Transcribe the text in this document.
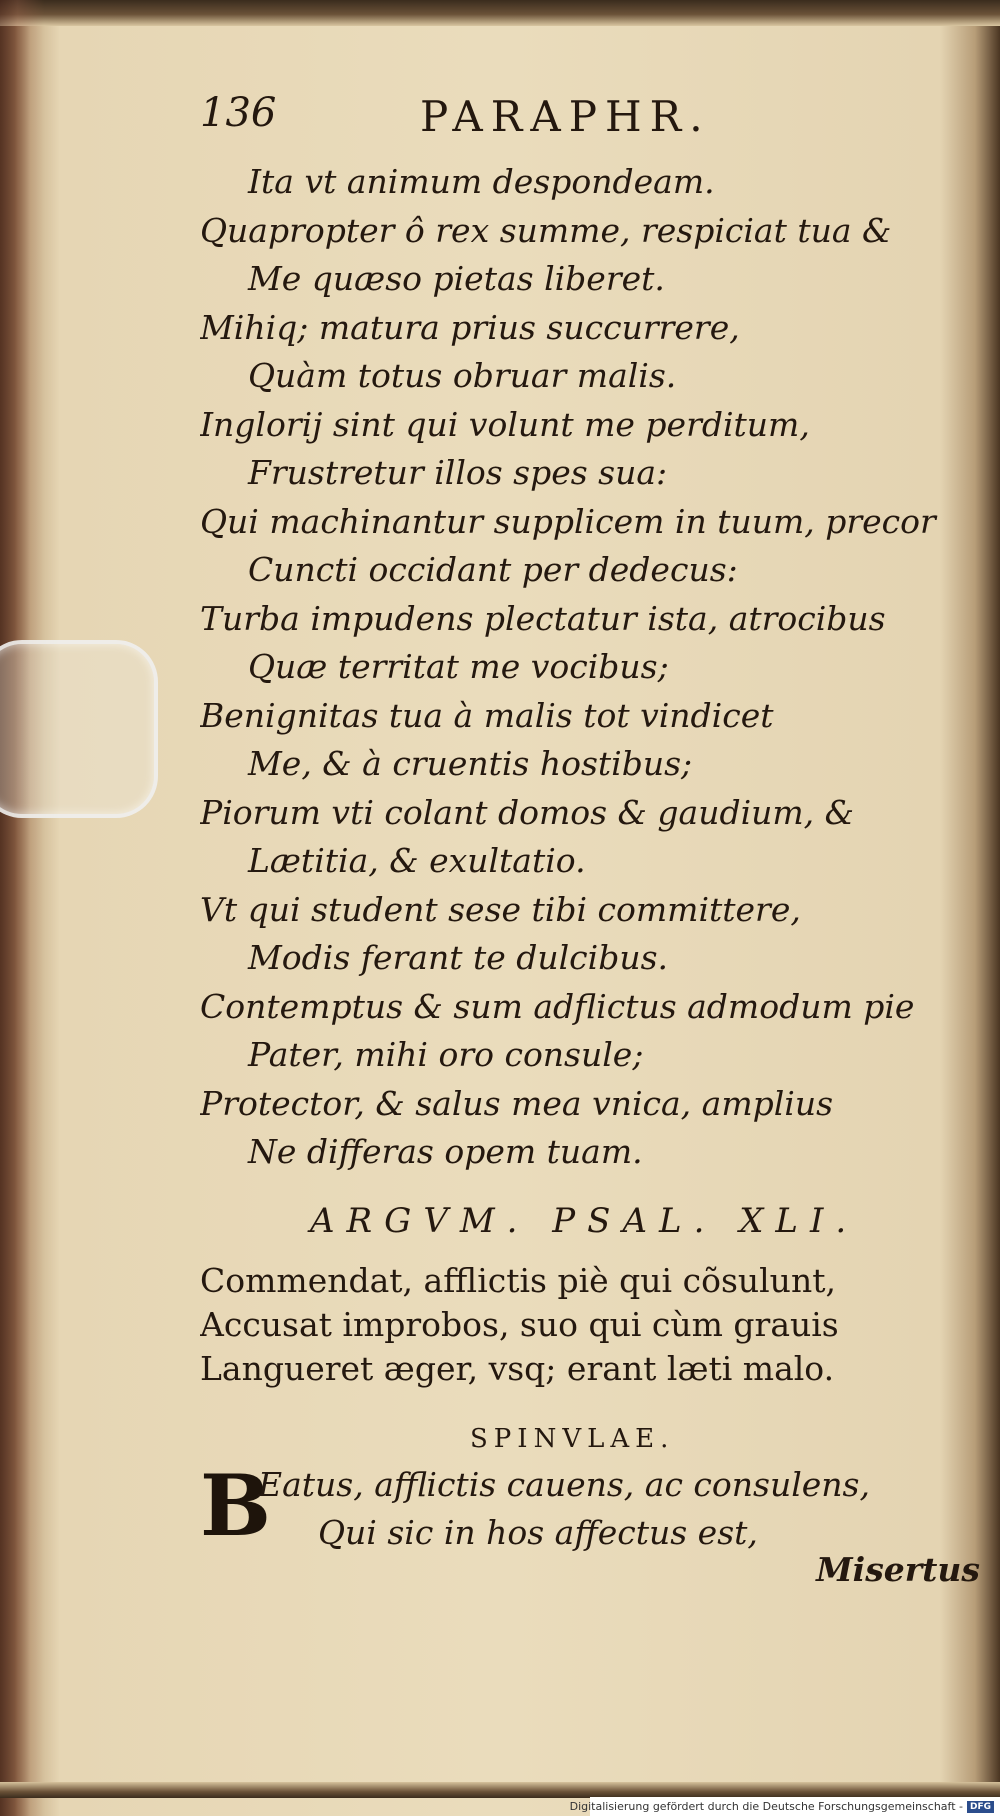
136	PARAPHR.
Ita vt animum despondeam.
Quapropter ô rex summe, respiciat tua &
Me quæso pietas liberet.
Mihiq; matura prius succurrere,
Quàm totus obruar malis.
Inglorij sint qui volunt me perditum,
Frustretur illos spes sua:
Qui machinantur supplicem in tuum, precor
Cuncti occidant per dedecus:
Turba impudens plectatur ista, atrocibus
Quæ territat me vocibus;
Benignitas tua à malis tot vindicet
Me, & à cruentis hostibus;
Piorum vti colant domos & gaudium, &
Lætitia, & exultatio.
Vt qui student sese tibi committere,
Modis ferant te dulcibus.
Contemptus & sum adflictus admodum pie
Pater, mihi oro consule;
Protector, & salus mea vnica, amplius
Ne differas opem tuam.
ARGVM. PSAL. XLI.
Commendat, afflictis piè qui cõsulunt,
Accusat improbos, suo qui cùm grauis
Langueret æger, vsq; erant læti malo.
SPINVLAE.
B
Eatus, afflictis cauens, ac consulens,
Qui sic in hos affectus est,
Misertus
Digitalisierung gefördert durch die Deutsche Forschungsgemeinschaft - DFG
